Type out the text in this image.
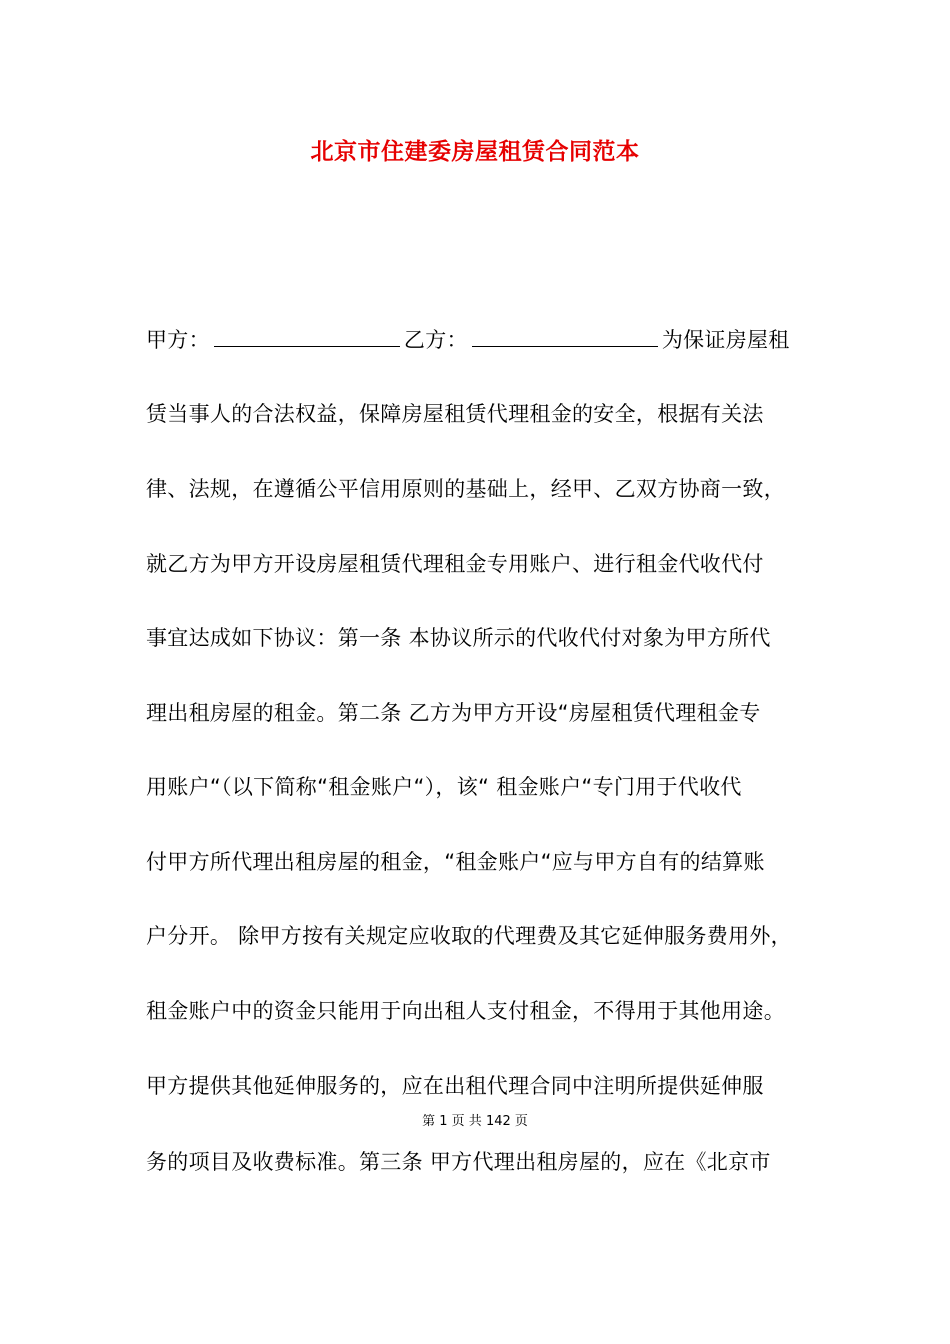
北京市住建委房屋租赁合同范本
甲方：	乙方：	为保证房屋租
赁当事人的合法权益，保障房屋租赁代理租金的安全，根据有关法
律、法规，在遵循公平信用原则的基础上，经甲、乙双方协商一致，
就乙方为甲方开设房屋租赁代理租金专用账户、进行租金代收代付
事宜达成如下协议：第一条 本协议所示的代收代付对象为甲方所代
理出租房屋的租金。第二条 乙方为甲方开设“房屋租赁代理租金专
用账户“（以下简称“租金账户“），该“ 租金账户“专门用于代收代
付甲方所代理出租房屋的租金，“租金账户“应与甲方自有的结算账
户分开。 除甲方按有关规定应收取的代理费及其它延伸服务费用外，
租金账户中的资金只能用于向出租人支付租金，不得用于其他用途。
甲方提供其他延伸服务的，应在出租代理合同中注明所提供延伸服
务的项目及收费标准。第三条 甲方代理出租房屋的，应在《北京市
第 1 页 共 142 页
